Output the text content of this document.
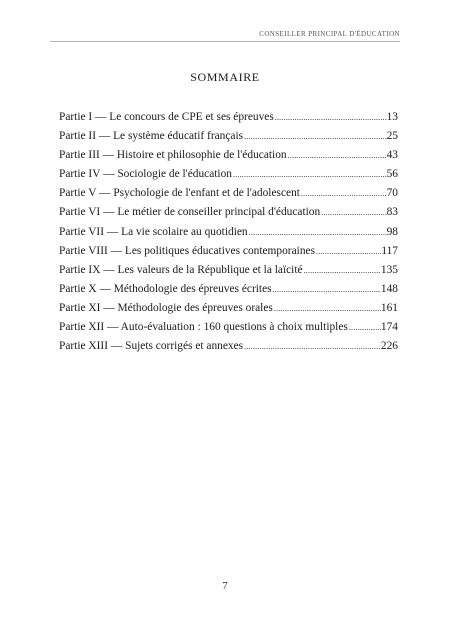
CONSEILLER PRINCIPAL D'ÉDUCATION
SOMMAIRE
Partie I — Le concours de CPE et ses épreuves .....	13
Partie II — Le système éducatif français .....	25
Partie III — Histoire et philosophie de l'éducation .....	43
Partie IV — Sociologie de l'éducation .....	56
Partie V — Psychologie de l'enfant et de l'adolescent .....	70
Partie VI — Le métier de conseiller principal d'éducation .....	83
Partie VII — La vie scolaire au quotidien .....	98
Partie VIII — Les politiques éducatives contemporaines .....	117
Partie IX — Les valeurs de la République et la laïcité .....	135
Partie X — Méthodologie des épreuves écrites .....	148
Partie XI — Méthodologie des épreuves orales .....	161
Partie XII — Auto-évaluation : 160 questions à choix multiples .....	174
Partie XIII — Sujets corrigés et annexes .....	226
7
